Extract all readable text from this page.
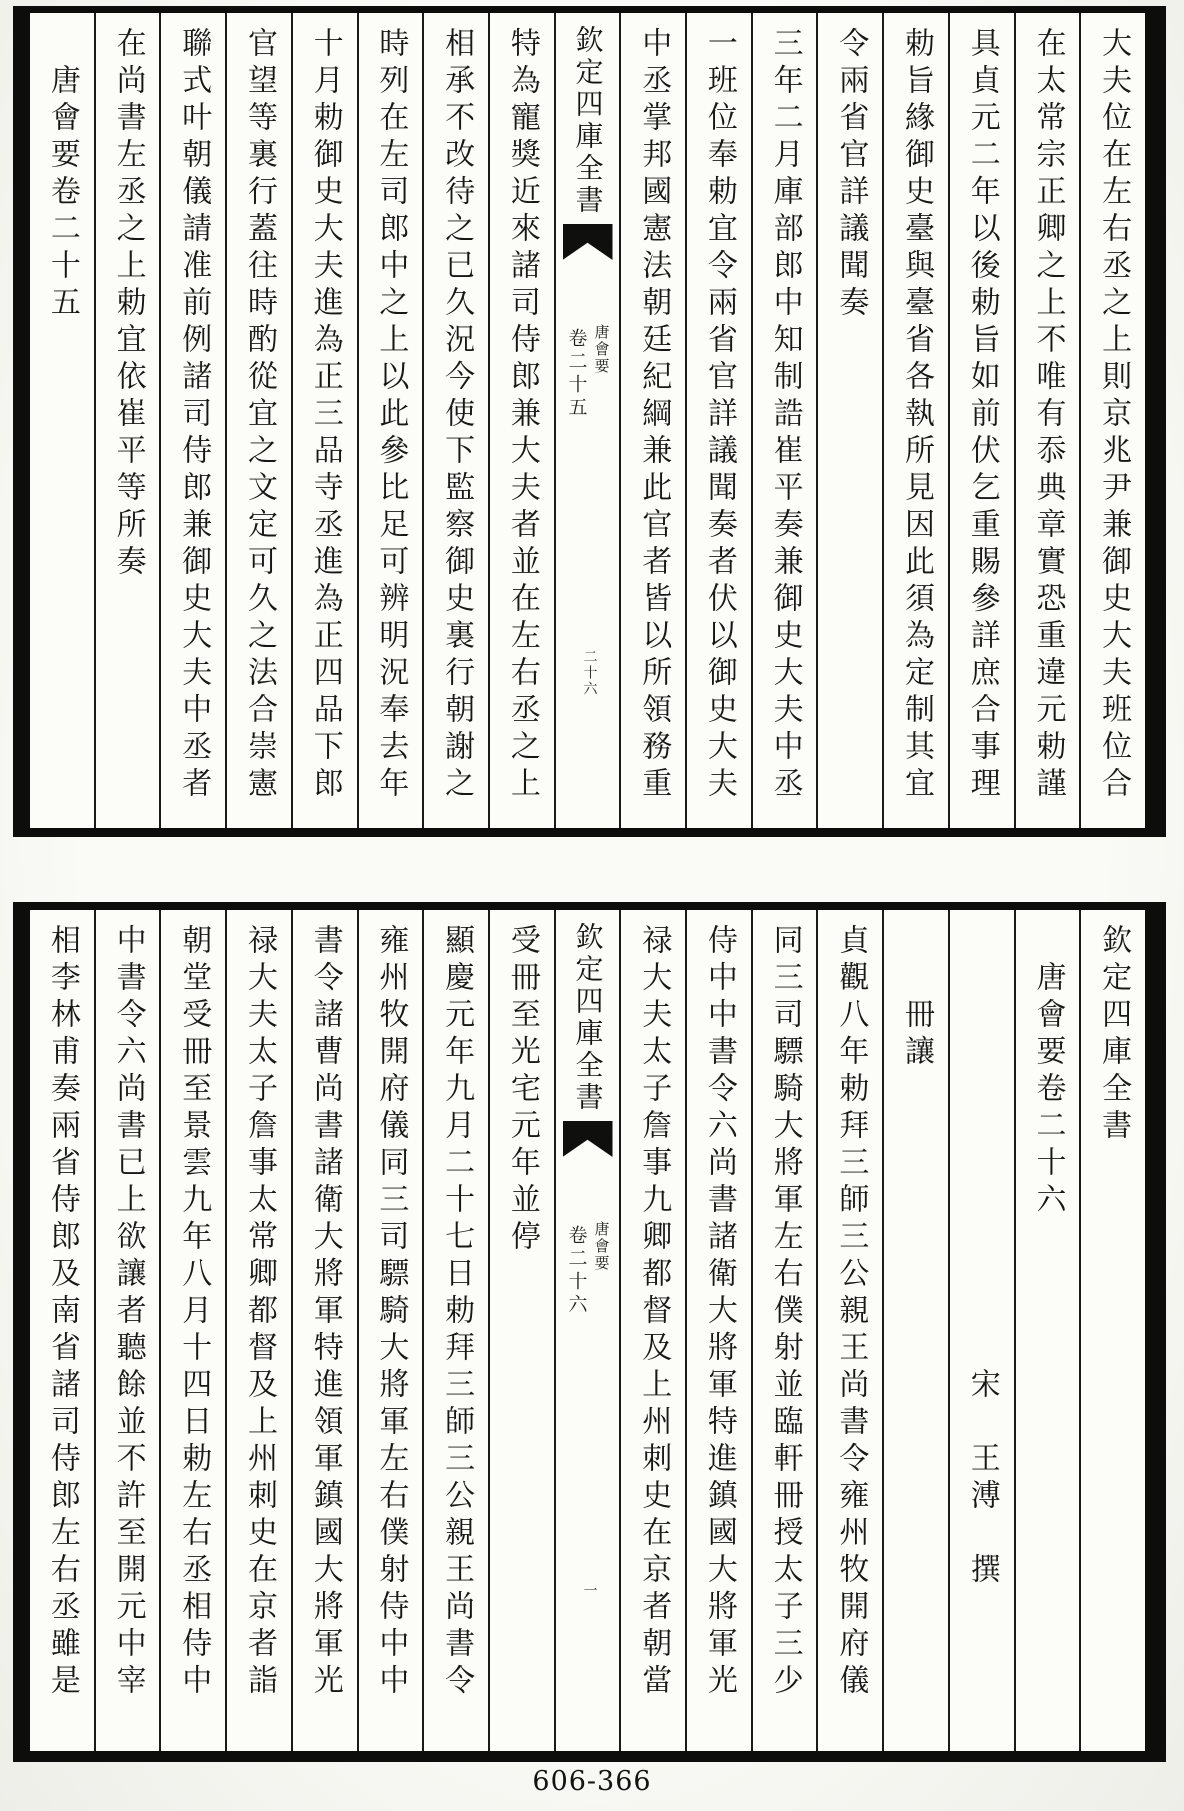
大夫位在左右丞之上則京兆尹兼御史大夫班位合
在太常宗正卿之上不唯有忝典章實恐重違元勅謹
具貞元二年以後勅旨如前伏乞重賜參詳庶合事理
勅旨緣御史臺與臺省各執所見因此須為定制其宜
令兩省官詳議聞奏
三年二月庫部郎中知制誥崔平奏兼御史大夫中丞
一班位奉勅宜令兩省官詳議聞奏者伏以御史大夫
中丞掌邦國憲法朝廷紀綱兼此官者皆以所領務重
欽定四庫全書
唐會要
卷二十五
二十六
特為寵獎近來諸司侍郎兼大夫者並在左右丞之上
相承不改待之已久況今使下監察御史裏行朝謝之
時列在左司郎中之上以此參比足可辨明況奉去年
十月勅御史大夫進為正三品寺丞進為正四品下郎
官望等裏行蓋往時酌從宜之文定可久之法合崇憲
聯式叶朝儀請准前例諸司侍郎兼御史大夫中丞者
在尚書左丞之上勅宜依崔平等所奏
唐會要卷二十五
欽定四庫全書
唐會要卷二十六
宋　王溥　撰
冊讓
貞觀八年勅拜三師三公親王尚書令雍州牧開府儀
同三司驃騎大將軍左右僕射並臨軒冊授太子三少
侍中中書令六尚書諸衛大將軍特進鎮國大將軍光
禄大夫太子詹事九卿都督及上州刺史在京者朝當
欽定四庫全書
唐會要
卷二十六
一
受冊至光宅元年並停
顯慶元年九月二十七日勅拜三師三公親王尚書令
雍州牧開府儀同三司驃騎大將軍左右僕射侍中中
書令諸曹尚書諸衛大將軍特進領軍鎮國大將軍光
禄大夫太子詹事太常卿都督及上州刺史在京者詣
朝堂受冊至景雲九年八月十四日勅左右丞相侍中
中書令六尚書已上欲讓者聽餘並不許至開元中宰
相李林甫奏兩省侍郎及南省諸司侍郎左右丞雖是
606-366
